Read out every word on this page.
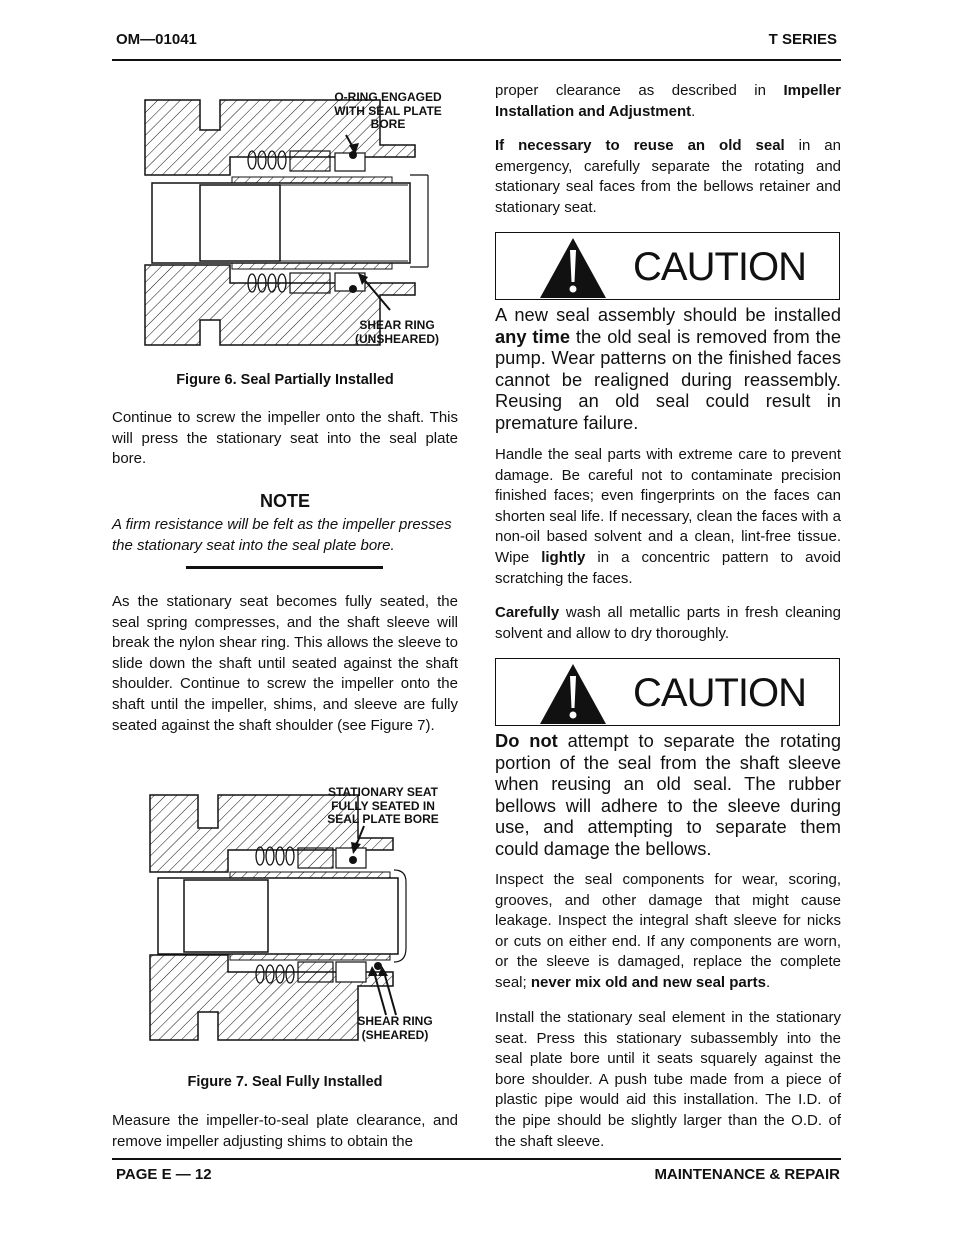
OM—01041	T SERIES
O-RING ENGAGED
WITH SEAL PLATE
BORE
SHEAR RING
(UNSHEARED)
Figure 6. Seal Partially Installed

Continue to screw the impeller onto the shaft. This will press the stationary seat into the seal plate bore.

NOTE

A firm resistance will be felt as the impeller presses the stationary seat into the seal plate bore.

As the stationary seat becomes fully seated, the seal spring compresses, and the shaft sleeve will break the nylon shear ring. This allows the sleeve to slide down the shaft until seated against the shaft shoulder. Continue to screw the impeller onto the shaft until the impeller, shims, and sleeve are fully seated against the shaft shoulder (see Figure 7).

STATIONARY SEAT
FULLY SEATED IN
SEAL PLATE BORE
SHEAR RING
(SHEARED)
Figure 7. Seal Fully Installed

Measure the impeller-to-seal plate clearance, and remove impeller adjusting shims to obtain the

proper clearance as described in Impeller Installation and Adjustment.

If necessary to reuse an old seal in an emergency, carefully separate the rotating and stationary seal faces from the bellows retainer and stationary seat.

CAUTION

A new seal assembly should be installed any time the old seal is removed from the pump. Wear patterns on the finished faces cannot be realigned during reassembly. Reusing an old seal could result in premature failure.

Handle the seal parts with extreme care to prevent damage. Be careful not to contaminate precision finished faces; even fingerprints on the faces can shorten seal life. If necessary, clean the faces with a non-oil based solvent and a clean, lint-free tissue. Wipe lightly in a concentric pattern to avoid scratching the faces.

Carefully wash all metallic parts in fresh cleaning solvent and allow to dry thoroughly.

CAUTION

Do not attempt to separate the rotating portion of the seal from the shaft sleeve when reusing an old seal. The rubber bellows will adhere to the sleeve during use, and attempting to separate them could damage the bellows.

Inspect the seal components for wear, scoring, grooves, and other damage that might cause leakage. Inspect the integral shaft sleeve for nicks or cuts on either end. If any components are worn, or the sleeve is damaged, replace the complete seal; never mix old and new seal parts.

Install the stationary seal element in the stationary seat. Press this stationary subassembly into the seal plate bore until it seats squarely against the bore shoulder. A push tube made from a piece of plastic pipe would aid this installation. The I.D. of the pipe should be slightly larger than the O.D. of the shaft sleeve.

PAGE E — 12	MAINTENANCE & REPAIR
